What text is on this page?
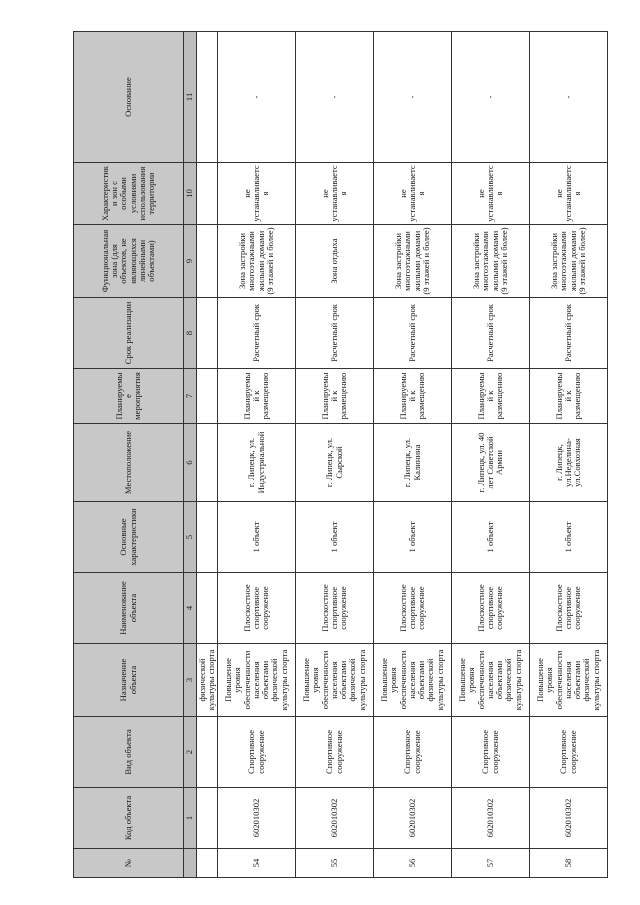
№	Код объекта	Вид объекта	Назначение объекта	Наименование объекта	Основные характеристики	Местоположение	Планируемые мероприятия	Срок реализации	Функциональная зона (для объектов, не являющихся линейными объектами)	Характеристики зон с особыми условиями использования территории	Основание
	1	2	3	4	5	6	7	8	9	10	11
			физической культуры спорта								
54	602010302	Спортивное сооружение	Повышение уровня обеспеченности населения объектами физической культуры спорта	Плоскостное спортивное сооружение	1 объект	г. Липецк, ул. Индустриальной	Планируемый к размещению	Расчетный срок	Зона застройки многоэтажными жилыми домами (9 этажей и более)	не устанавливается	-
55	602010302	Спортивное сооружение	Повышение уровня обеспеченности населения объектами физической культуры спорта	Плоскостное спортивное сооружение	1 объект	г. Липецк, ул. Сырской	Планируемый к размещению	Расчетный срок	Зона отдыха	не устанавливается	-
56	602010302	Спортивное сооружение	Повышение уровня обеспеченности населения объектами физической культуры спорта	Плоскостное спортивное сооружение	1 объект	г. Липецк, ул. Калинина	Планируемый к размещению	Расчетный срок	Зона застройки многоэтажными жилыми домами (9 этажей и более)	не устанавливается	-
57	602010302	Спортивное сооружение	Повышение уровня обеспеченности населения объектами физической культуры спорта	Плоскостное спортивное сооружение	1 объект	г. Липецк, ул. 40 лет Советской Армии	Планируемый к размещению	Расчетный срок	Зона застройки многоэтажными жилыми домами (9 этажей и более)	не устанавливается	-
58	602010302	Спортивное сооружение	Повышение уровня обеспеченности населения объектами физической культуры спорта	Плоскостное спортивное сооружение	1 объект	г. Липецк, ул.Неделина-ул.Совхозная	Планируемый к размещению	Расчетный срок	Зона застройки многоэтажными жилыми домами (9 этажей и более)	не устанавливается	-
